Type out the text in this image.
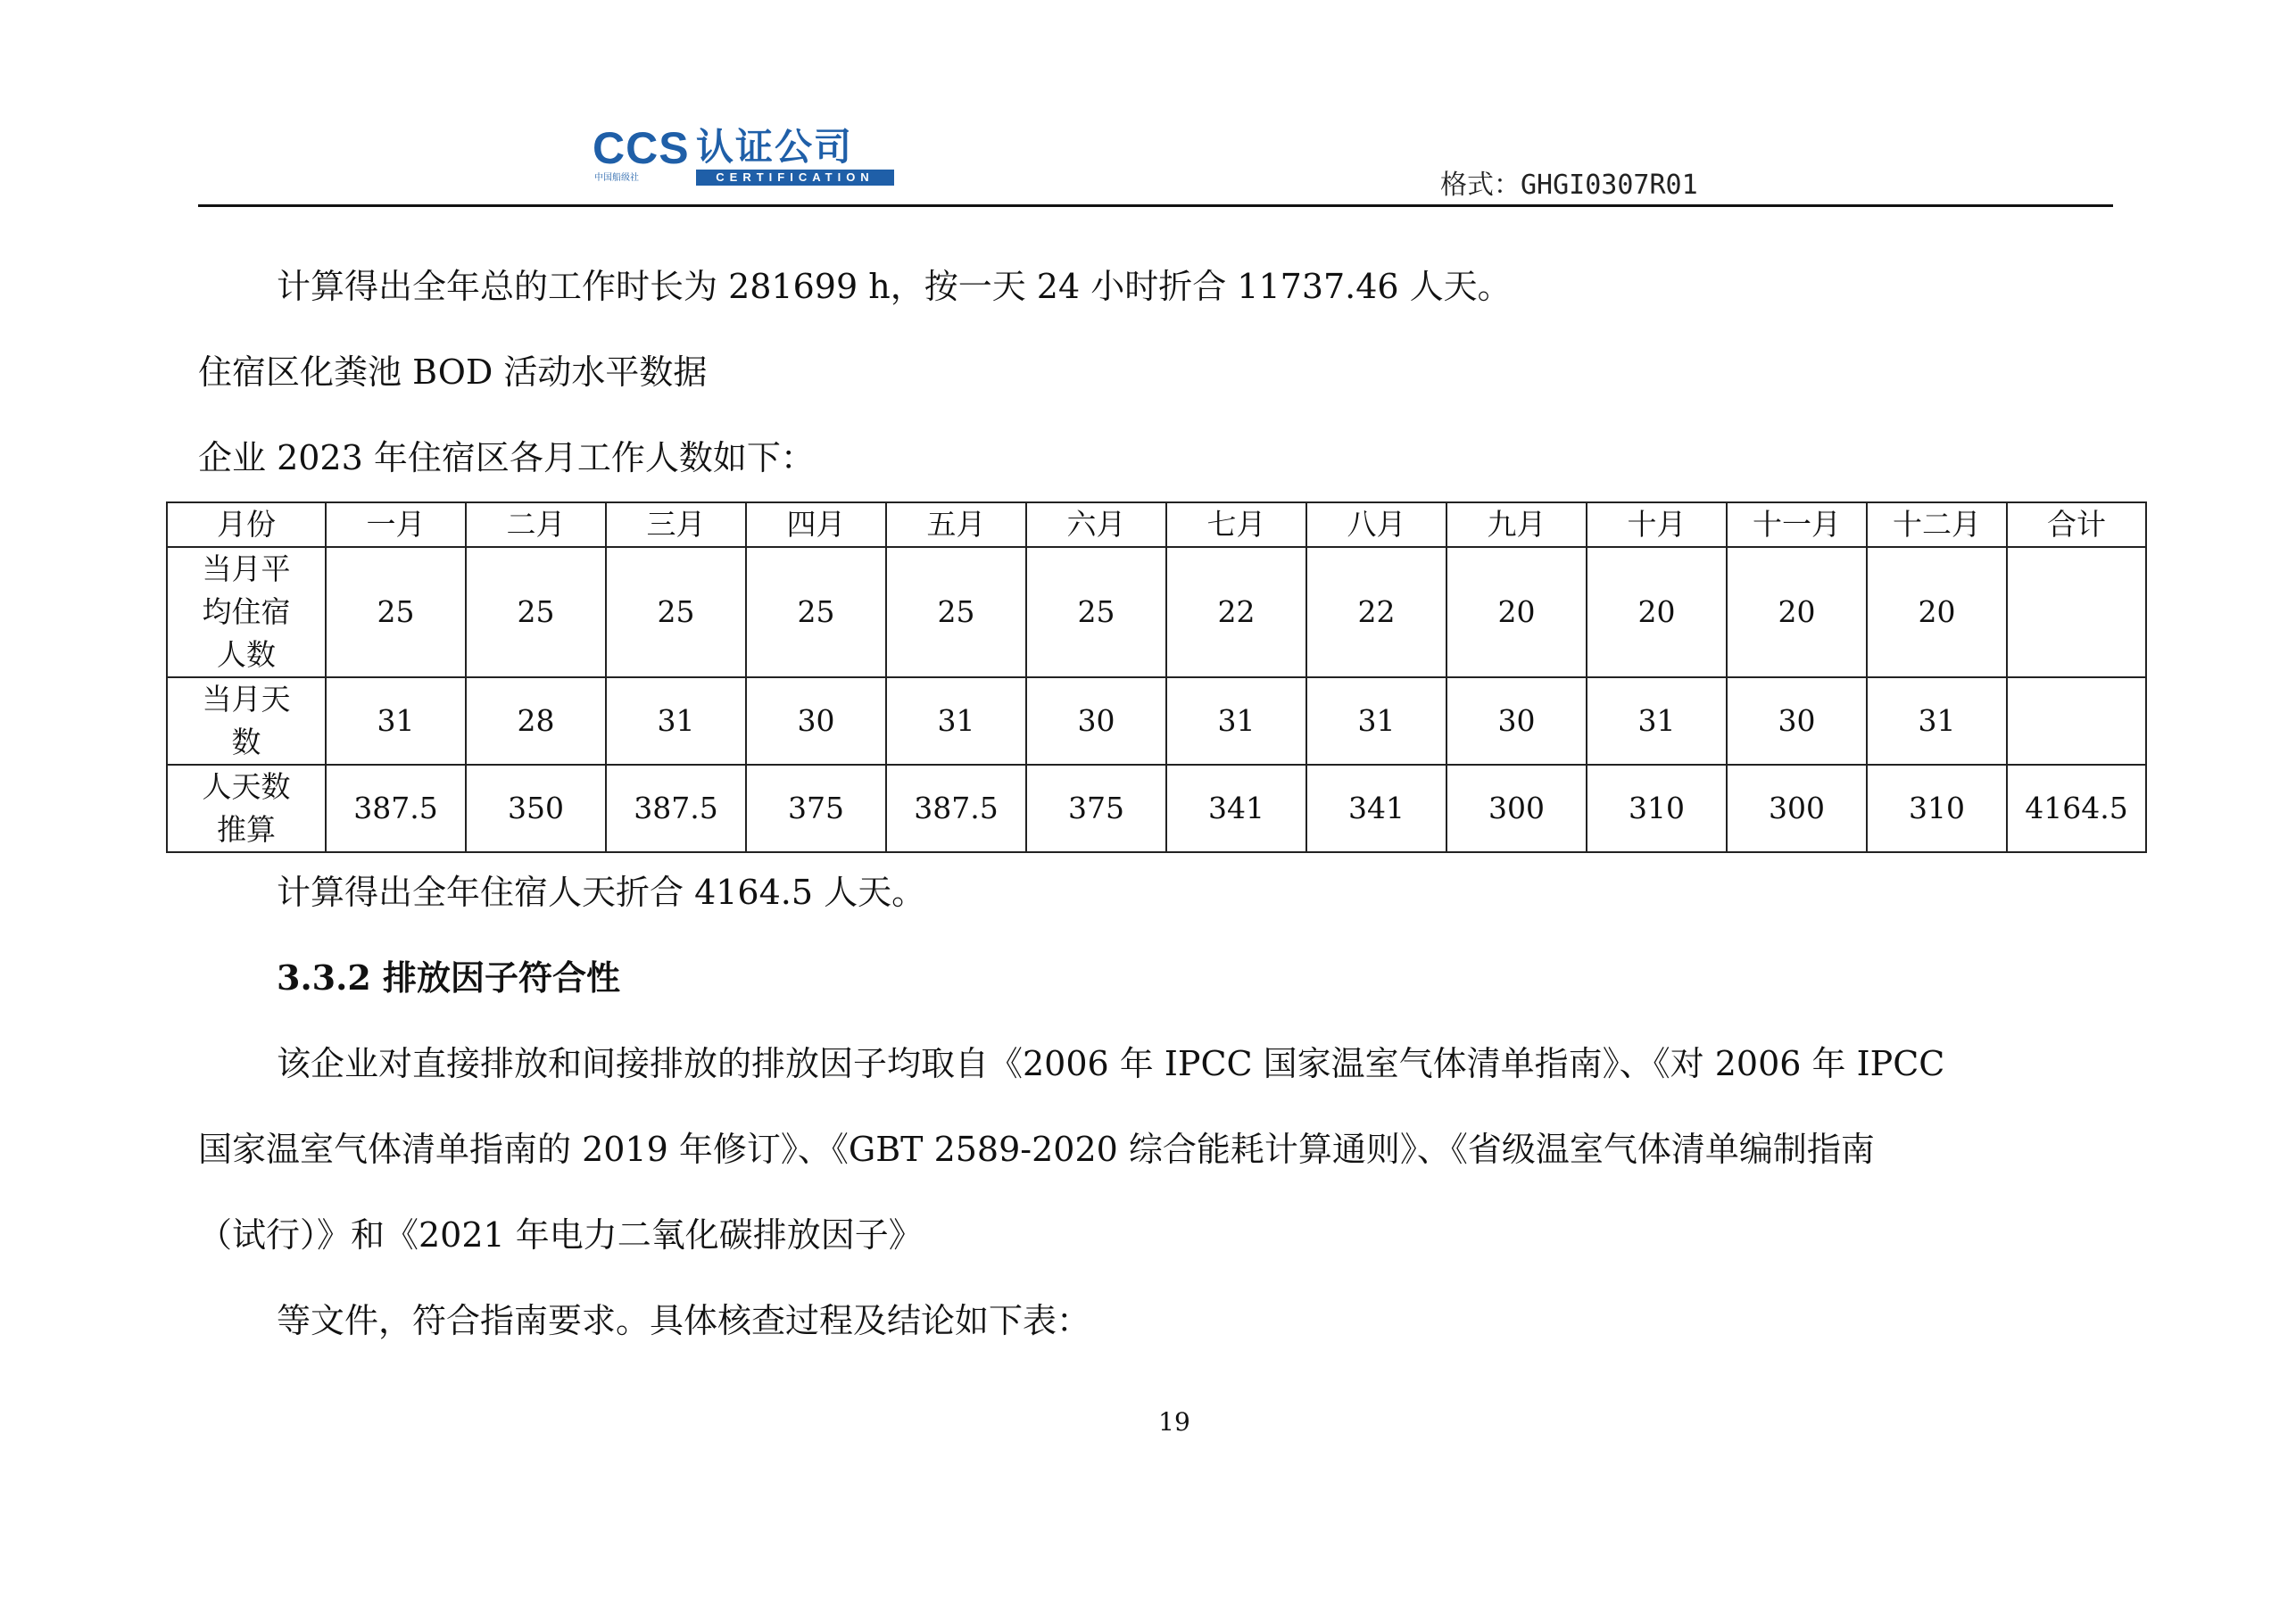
CCS
中国船级社
认证公司
CERTIFICATION	格式：GHGI0307R01
计算得出全年总的工作时长为 281699 h，按一天 24 小时折合 11737.46 人天。
住宿区化粪池 BOD 活动水平数据
企业 2023 年住宿区各月工作人数如下：
月份	一月	二月	三月	四月	五月	六月	七月	八月	九月	十月	十一月	十二月	合计

当月平
均住宿
人数	25	25	25	25	25	25	22	22	20	20	20	20	

当月天
数	31	28	31	30	31	30	31	31	30	31	30	31	

人天数
推算	387.5	350	387.5	375	387.5	375	341	341	300	310	300	310	4164.5
计算得出全年住宿人天折合 4164.5 人天。
3.3.2 排放因子符合性
该企业对直接排放和间接排放的排放因子均取自《2006 年 IPCC 国家温室气体清单指南》、《对 2006 年 IPCC
国家温室气体清单指南的 2019 年修订》、《GBT 2589-2020 综合能耗计算通则》、《省级温室气体清单编制指南
（试行）》和《2021 年电力二氧化碳排放因子》
等文件，符合指南要求。具体核查过程及结论如下表：
19
